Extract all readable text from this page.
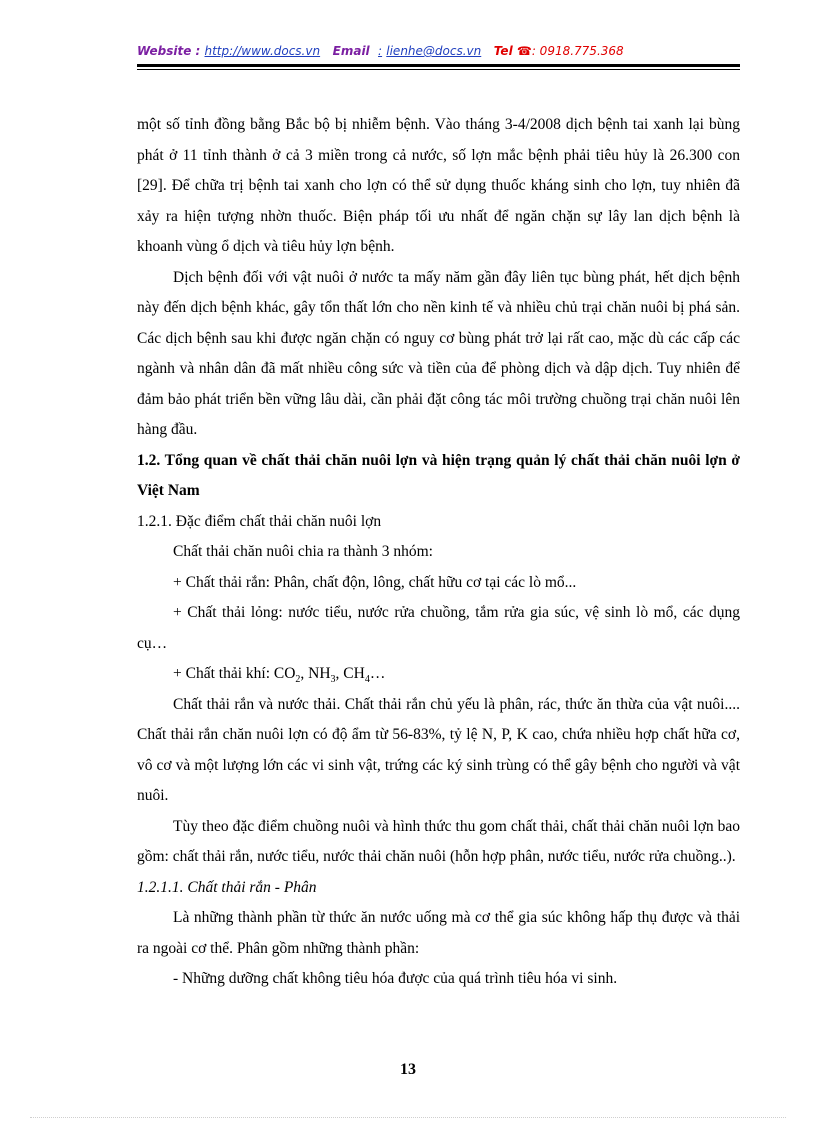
Website : http://www.docs.vn Email : lienhe@docs.vn Tel ☎: 0918.775.368

một số tỉnh đồng bằng Bắc bộ bị nhiễm bệnh. Vào tháng 3-4/2008 dịch bệnh tai xanh lại bùng phát ở 11 tỉnh thành ở cả 3 miền trong cả nước, số lợn mắc bệnh phải tiêu hủy là 26.300 con [29]. Để chữa trị bệnh tai xanh cho lợn có thể sử dụng thuốc kháng sinh cho lợn, tuy nhiên đã xảy ra hiện tượng nhờn thuốc. Biện pháp tối ưu nhất để ngăn chặn sự lây lan dịch bệnh là khoanh vùng ổ dịch và tiêu hủy lợn bệnh.

Dịch bệnh đối với vật nuôi ở nước ta mấy năm gần đây liên tục bùng phát, hết dịch bệnh này đến dịch bệnh khác, gây tổn thất lớn cho nền kinh tế và nhiều chủ trại chăn nuôi bị phá sản. Các dịch bệnh sau khi được ngăn chặn có nguy cơ bùng phát trở lại rất cao, mặc dù các cấp các ngành và nhân dân đã mất nhiều công sức và tiền của để phòng dịch và dập dịch. Tuy nhiên để đảm bảo phát triển bền vững lâu dài, cần phải đặt công tác môi trường chuồng trại chăn nuôi lên hàng đầu.

1.2. Tổng quan về chất thải chăn nuôi lợn và hiện trạng quản lý chất thải chăn nuôi lợn ở Việt Nam

1.2.1. Đặc điểm chất thải chăn nuôi lợn

Chất thải chăn nuôi chia ra thành 3 nhóm:

+ Chất thải rắn: Phân, chất độn, lông, chất hữu cơ tại các lò mổ...

+ Chất thải lỏng: nước tiểu, nước rửa chuồng, tắm rửa gia súc, vệ sinh lò mổ, các dụng cụ…

+ Chất thải khí: $CO_2$, $NH_3$, $CH_4\dots$

Chất thải rắn và nước thải. Chất thải rắn chủ yếu là phân, rác, thức ăn thừa của vật nuôi.... Chất thải rắn chăn nuôi lợn có độ ẩm từ 56-83%, tỷ lệ N, P, K cao, chứa nhiều hợp chất hữa cơ, vô cơ và một lượng lớn các vi sinh vật, trứng các ký sinh trùng có thể gây bệnh cho người và vật nuôi.

Tùy theo đặc điểm chuồng nuôi và hình thức thu gom chất thải, chất thải chăn nuôi lợn bao gồm: chất thải rắn, nước tiểu, nước thải chăn nuôi (hỗn hợp phân, nước tiểu, nước rửa chuồng..).

1.2.1.1. Chất thải rắn - Phân

Là những thành phần từ thức ăn nước uống mà cơ thể gia súc không hấp thụ được và thải ra ngoài cơ thể. Phân gồm những thành phần:

- Những dưỡng chất không tiêu hóa được của quá trình tiêu hóa vi sinh.

13
